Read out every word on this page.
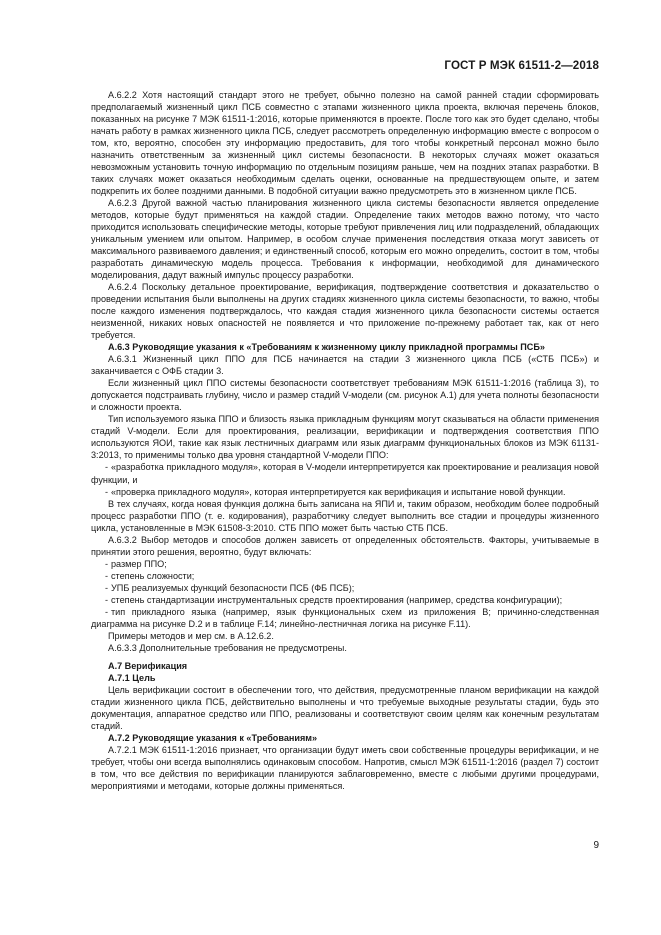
ГОСТ Р МЭК 61511-2—2018

А.6.2.2 Хотя настоящий стандарт этого не требует, обычно полезно на самой ранней стадии сформировать предполагаемый жизненный цикл ПСБ совместно с этапами жизненного цикла проекта, включая перечень блоков, показанных на рисунке 7 МЭК 61511-1:2016, которые применяются в проекте. После того как это будет сделано, чтобы начать работу в рамках жизненного цикла ПСБ, следует рассмотреть определенную информацию вместе с вопросом о том, кто, вероятно, способен эту информацию предоставить, для того чтобы конкретный персонал можно было назначить ответственным за жизненный цикл системы безопасности. В некоторых случаях может оказаться невозможным установить точную информацию по отдельным позициям раньше, чем на поздних этапах разработки. В таких случаях может оказаться необходимым сделать оценки, основанные на предшествующем опыте, и затем подкрепить их более поздними данными. В подобной ситуации важно предусмотреть это в жизненном цикле ПСБ.

А.6.2.3 Другой важной частью планирования жизненного цикла системы безопасности является определение методов, которые будут применяться на каждой стадии. Определение таких методов важно потому, что часто приходится использовать специфические методы, которые требуют привлечения лиц или подразделений, обладающих уникальным умением или опытом. Например, в особом случае применения последствия отказа могут зависеть от максимального развиваемого давления; и единственный способ, которым его можно определить, состоит в том, чтобы разработать динамическую модель процесса. Требования к информации, необходимой для динамического моделирования, дадут важный импульс процессу разработки.

А.6.2.4 Поскольку детальное проектирование, верификация, подтверждение соответствия и доказательство о проведении испытания были выполнены на других стадиях жизненного цикла системы безопасности, то важно, чтобы после каждого изменения подтверждалось, что каждая стадия жизненного цикла безопасности системы остается неизменной, никаких новых опасностей не появляется и что приложение по-прежнему работает так, как от него требуется.

А.6.3 Руководящие указания к «Требованиям к жизненному циклу прикладной программы ПСБ»

А.6.3.1 Жизненный цикл ППО для ПСБ начинается на стадии 3 жизненного цикла ПСБ («СТБ ПСБ») и заканчивается с ОФБ стадии 3.

Если жизненный цикл ППО системы безопасности соответствует требованиям МЭК 61511-1:2016 (таблица 3), то допускается подстраивать глубину, число и размер стадий V-модели (см. рисунок А.1) для учета полноты безопасности и сложности проекта.

Тип используемого языка ППО и близость языка прикладным функциям могут сказываться на области применения стадий V-модели. Если для проектирования, реализации, верификации и подтверждения соответствия ППО используются ЯОИ, такие как язык лестничных диаграмм или язык диаграмм функциональных блоков из МЭК 61131-3:2013, то применимы только два уровня стандартной V-модели ППО:

- «разработка прикладного модуля», которая в V-модели интерпретируется как проектирование и реализация новой функции, и

- «проверка прикладного модуля», которая интерпретируется как верификация и испытание новой функции.

В тех случаях, когда новая функция должна быть записана на ЯПИ и, таким образом, необходим более подробный процесс разработки ППО (т. е. кодирования), разработчику следует выполнить все стадии и процедуры жизненного цикла, установленные в МЭК 61508-3:2010. СТБ ППО может быть частью СТБ ПСБ.

А.6.3.2 Выбор методов и способов должен зависеть от определенных обстоятельств. Факторы, учитываемые в принятии этого решения, вероятно, будут включать:

- размер ППО;

- степень сложности;

- УПБ реализуемых функций безопасности ПСБ (ФБ ПСБ);

- степень стандартизации инструментальных средств проектирования (например, средства конфигурации);

- тип прикладного языка (например, язык функциональных схем из приложения В; причинно-следственная диаграмма на рисунке D.2 и в таблице F.14; линейно-лестничная логика на рисунке F.11).

Примеры методов и мер см. в А.12.6.2.

А.6.3.3 Дополнительные требования не предусмотрены.

А.7 Верификация

А.7.1 Цель

Цель верификации состоит в обеспечении того, что действия, предусмотренные планом верификации на каждой стадии жизненного цикла ПСБ, действительно выполнены и что требуемые выходные результаты стадии, будь это документация, аппаратное средство или ППО, реализованы и соответствуют своим целям как конечным результатам стадий.

А.7.2 Руководящие указания к «Требованиям»

А.7.2.1 МЭК 61511-1:2016 признает, что организации будут иметь свои собственные процедуры верификации, и не требует, чтобы они всегда выполнялись одинаковым способом. Напротив, смысл МЭК 61511-1:2016 (раздел 7) состоит в том, что все действия по верификации планируются заблаговременно, вместе с любыми другими процедурами, мероприятиями и методами, которые должны применяться.

9
